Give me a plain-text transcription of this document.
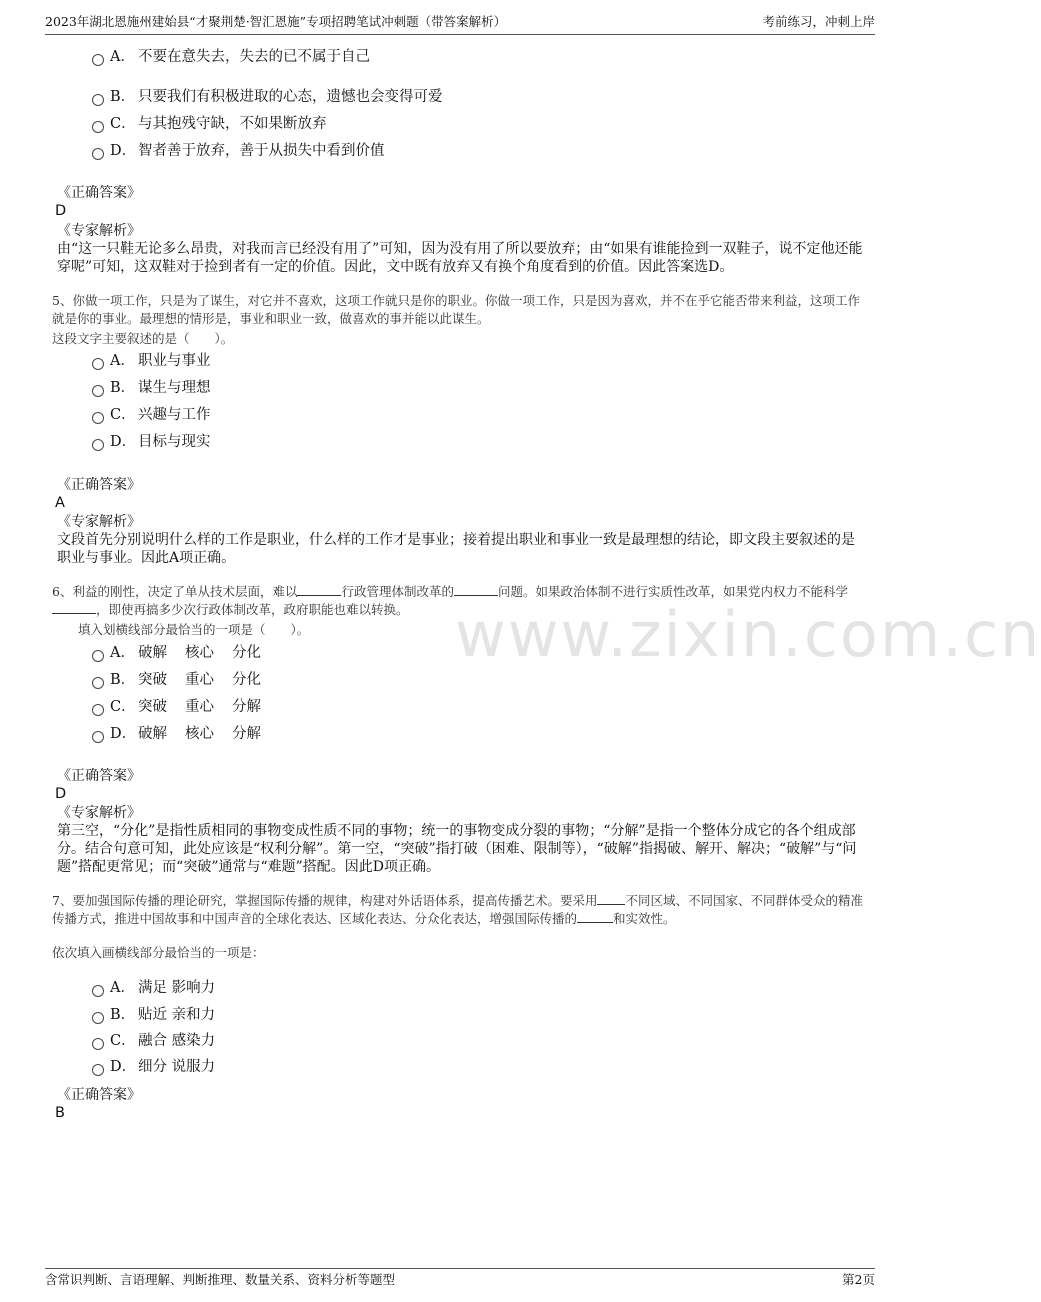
2023年湖北恩施州建始县“才聚荆楚·智汇恩施”专项招聘笔试冲刺题（带答案解析）	考前练习，冲刺上岸
www.zixin.com.cn
A． 不要在意失去，失去的已不属于自己
B． 只要我们有积极进取的心态，遗憾也会变得可爱
C． 与其抱残守缺，不如果断放弃
D． 智者善于放弃，善于从损失中看到价值
《正确答案》
D
《专家解析》
由“这一只鞋无论多么昂贵，对我而言已经没有用了”可知，因为没有用了所以要放弃；由“如果有谁能捡到一双鞋子，说不定他还能穿呢”可知，这双鞋对于捡到者有一定的价值。因此，文中既有放弃又有换个角度看到的价值。因此答案选D。
5、你做一项工作，只是为了谋生，对它并不喜欢，这项工作就只是你的职业。你做一项工作，只是因为喜欢，并不在乎它能否带来利益，这项工作就是你的事业。最理想的情形是，事业和职业一致，做喜欢的事并能以此谋生。
这段文字主要叙述的是（　　）。
A． 职业与事业
B． 谋生与理想
C． 兴趣与工作
D． 目标与现实
《正确答案》
A
《专家解析》
文段首先分别说明什么样的工作是职业，什么样的工作才是事业；接着提出职业和事业一致是最理想的结论，即文段主要叙述的是职业与事业。因此A项正确。
6、利益的刚性，决定了单从技术层面，难以	行政管理体制改革的	问题。如果政治体制不进行实质性改革，如果党内权力不能科学，即使再搞多少次行政体制改革，政府职能也难以转换。
填入划横线部分最恰当的一项是（　　）。
A． 破解 核心 分化
B． 突破 重心 分化
C． 突破 重心 分解
D． 破解 核心 分解
《正确答案》
D
《专家解析》
第三空，“分化”是指性质相同的事物变成性质不同的事物；统一的事物变成分裂的事物；“分解”是指一个整体分成它的各个组成部分。结合句意可知，此处应该是“权利分解”。第一空，“突破”指打破（困难、限制等），“破解”指揭破、解开、解决；“破解”与“问题”搭配更常见；而“突破”通常与“难题”搭配。因此D项正确。
7、要加强国际传播的理论研究，掌握国际传播的规律，构建对外话语体系，提高传播艺术。要采用 不同区域、不同国家、不同群体受众的精准传播方式，推进中国故事和中国声音的全球化表达、区域化表达、分众化表达，增强国际传播的	和实效性。
依次填入画横线部分最恰当的一项是：
A． 满足 影响力
B． 贴近 亲和力
C． 融合 感染力
D． 细分 说服力
《正确答案》
B
含常识判断、言语理解、判断推理、数量关系、资料分析等题型	第2页
